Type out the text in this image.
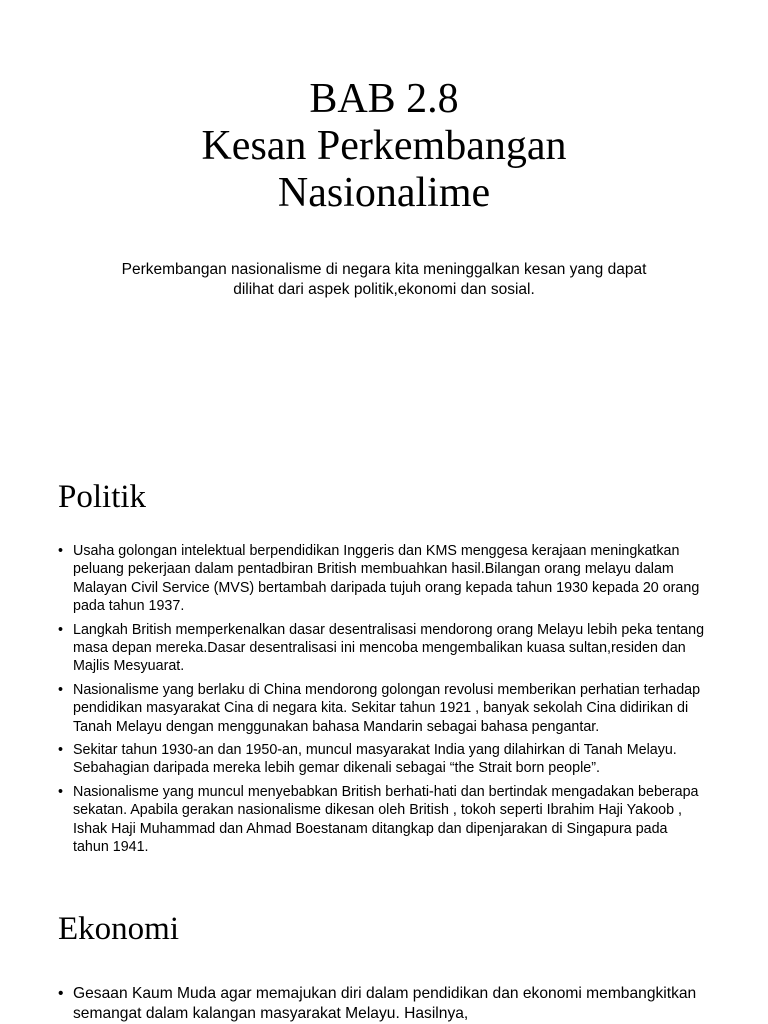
BAB 2.8
Kesan Perkembangan
Nasionalime
Perkembangan nasionalisme di negara kita meninggalkan kesan yang dapat dilihat dari aspek politik,ekonomi dan sosial.
Politik
• Usaha golongan intelektual berpendidikan Inggeris dan KMS menggesa kerajaan meningkatkan peluang pekerjaan dalam pentadbiran British membuahkan hasil.Bilangan orang melayu dalam Malayan Civil Service (MVS) bertambah daripada tujuh orang kepada tahun 1930 kepada 20 orang pada tahun 1937.
• Langkah British memperkenalkan dasar desentralisasi mendorong orang Melayu lebih peka tentang masa depan mereka.Dasar desentralisasi ini mencoba mengembalikan kuasa sultan,residen dan Majlis Mesyuarat.
• Nasionalisme yang berlaku di China mendorong golongan revolusi memberikan perhatian terhadap pendidikan masyarakat Cina di negara kita. Sekitar tahun 1921 , banyak sekolah Cina didirikan di Tanah Melayu dengan menggunakan bahasa Mandarin sebagai bahasa pengantar.
• Sekitar tahun 1930-an dan 1950-an, muncul masyarakat India yang dilahirkan di Tanah Melayu. Sebahagian daripada mereka lebih gemar dikenali sebagai “the Strait born people”.
• Nasionalisme yang muncul menyebabkan British berhati-hati dan bertindak mengadakan beberapa sekatan. Apabila gerakan nasionalisme dikesan oleh British , tokoh seperti Ibrahim Haji Yakoob , Ishak Haji Muhammad dan Ahmad Boestanam ditangkap dan dipenjarakan di Singapura pada tahun 1941.
Ekonomi
• Gesaan Kaum Muda agar memajukan diri dalam pendidikan dan ekonomi membangkitkan semangat dalam kalangan masyarakat Melayu. Hasilnya,
